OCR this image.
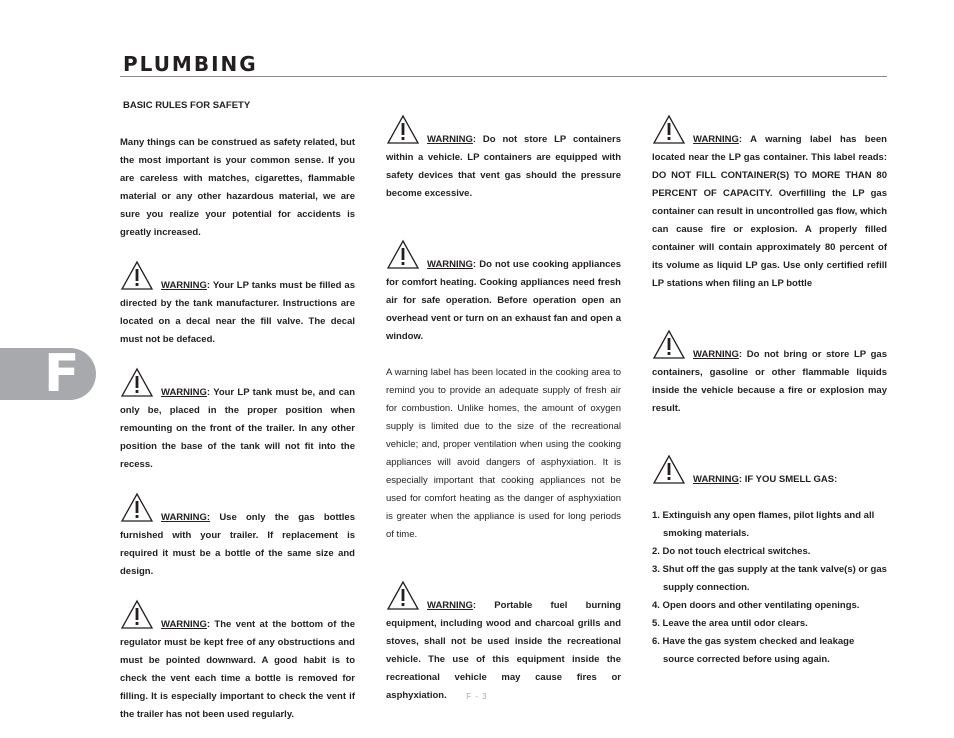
PLUMBING
F
BASIC RULES FOR SAFETY

Many things can be construed as safety related, but the most important is your common sense. If you are careless with matches, cigarettes, flammable material or any other hazardous material, we are sure you realize your potential for accidents is greatly increased.

WARNING: Your LP tanks must be filled as directed by the tank manufacturer. Instructions are located on a decal near the fill valve. The decal must not be defaced.

WARNING: Your LP tank must be, and can only be, placed in the proper position when remounting on the front of the trailer. In any other position the base of the tank will not fit into the recess.

WARNING: Use only the gas bottles furnished with your trailer. If replacement is required it must be a bottle of the same size and design.

WARNING: The vent at the bottom of the regulator must be kept free of any obstructions and must be pointed downward. A good habit is to check the vent each time a bottle is removed for filling. It is especially important to check the vent if the trailer has not been used regularly.

WARNING: Do not store LP containers within a vehicle. LP containers are equipped with safety devices that vent gas should the pressure become excessive.

WARNING: Do not use cooking appliances for comfort heating. Cooking appliances need fresh air for safe operation. Before operation open an overhead vent or turn on an exhaust fan and open a window.

A warning label has been located in the cooking area to remind you to provide an adequate supply of fresh air for combustion. Unlike homes, the amount of oxygen supply is limited due to the size of the recreational vehicle; and, proper ventilation when using the cooking appliances will avoid dangers of asphyxiation. It is especially important that cooking appliances not be used for comfort heating as the danger of asphyxiation is greater when the appliance is used for long periods of time.

WARNING: Portable fuel burning equipment, including wood and charcoal grills and stoves, shall not be used inside the recreational vehicle. The use of this equipment inside the recreational vehicle may cause fires or asphyxiation.

WARNING: A warning label has been located near the LP gas container. This label reads: DO NOT FILL CONTAINER(S) TO MORE THAN 80 PERCENT OF CAPACITY. Overfilling the LP gas container can result in uncontrolled gas flow, which can cause fire or explosion. A properly filled container will contain approximately 80 percent of its volume as liquid LP gas. Use only certified refill LP stations when filing an LP bottle

WARNING: Do not bring or store LP gas containers, gasoline or other flammable liquids inside the vehicle because a fire or explosion may result.

WARNING: IF YOU SMELL GAS:

1. Extinguish any open flames, pilot lights and all smoking materials.
2. Do not touch electrical switches.
3. Shut off the gas supply at the tank valve(s) or gas supply connection.
4. Open doors and other ventilating openings.
5. Leave the area until odor clears.
6. Have the gas system checked and leakage source corrected before using again.
F - 3
